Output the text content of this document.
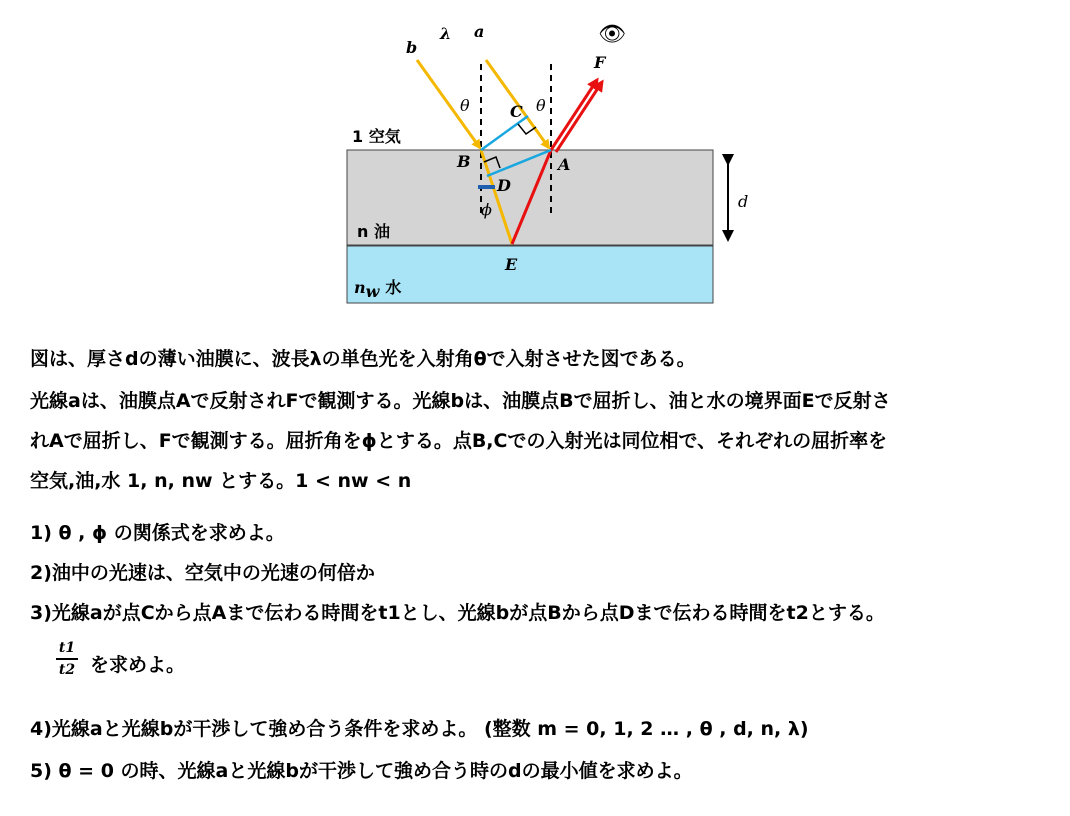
b
λ a	👁
F
θ	C θ
1 空気
B	A
D
ϕ	d
n 油
E
nw 水
図は、厚さdの薄い油膜に、波長λの単色光を入射角θで入射させた図である。
光線aは、油膜点Aで反射されFで観測する。光線bは、油膜点Bで屈折し、油と水の境界面Eで反射さ
れAで屈折し、Fで観測する。屈折角をϕとする。点B,Cでの入射光は同位相で、それぞれの屈折率を
空気,油,水 1, n, nw とする。1 < nw < n
1) θ , ϕ の関係式を求めよ。
2)油中の光速は、空気中の光速の何倍か
3)光線aが点Cから点Aまで伝わる時間をt1とし、光線bが点Bから点Dまで伝わる時間をt2とする。
t1
t2 を求めよ。
4)光線aと光線bが干渉して強め合う条件を求めよ。 (整数 m = 0, 1, 2 … , θ , d, n, λ)
5) θ = 0 の時、光線aと光線bが干渉して強め合う時のdの最小値を求めよ。
